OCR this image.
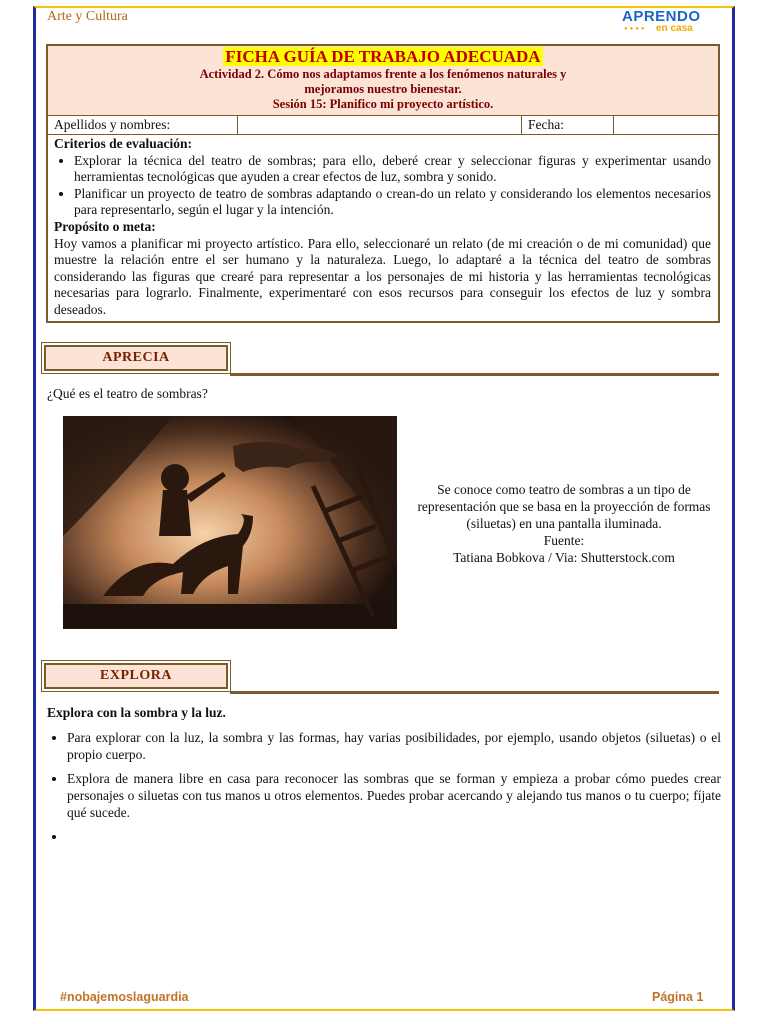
Arte y Cultura	APRENDO
●●●● en casa
FICHA GUÍA DE TRABAJO ADECUADA
Actividad 2. Cómo nos adaptamos frente a los fenómenos naturales y
mejoramos nuestro bienestar.
Sesión 15: Planifico mi proyecto artístico.
Apellidos y nombres:	Fecha:
Criterios de evaluación:
• Explorar la técnica del teatro de sombras; para ello, deberé crear y seleccionar figuras y experimentar usando herramientas tecnológicas que ayuden a crear efectos de luz, sombra y sonido.
• Planificar un proyecto de teatro de sombras adaptando o crean-do un relato y considerando los elementos necesarios para representarlo, según el lugar y la intención.
Propósito o meta:

Hoy vamos a planificar mi proyecto artístico. Para ello, seleccionaré un relato (de mi creación o de mi comunidad) que muestre la relación entre el ser humano y la naturaleza. Luego, lo adaptaré a la técnica del teatro de sombras considerando las figuras que crearé para representar a los personajes de mi historia y las herramientas tecnológicas necesarias para lograrlo. Finalmente, experimentaré con esos recursos para conseguir los efectos de luz y sombra deseados.

APRECIA
¿Qué es el teatro de sombras?
Se conoce como teatro de sombras a un tipo de representación que se basa en la proyección de formas (siluetas) en una pantalla iluminada.
Fuente:
Tatiana Bobkova / Via: Shutterstock.com
EXPLORA
Explora con la sombra y la luz.
• Para explorar con la luz, la sombra y las formas, hay varias posibilidades, por ejemplo, usando objetos (siluetas) o el propio cuerpo.
• Explora de manera libre en casa para reconocer las sombras que se forman y empieza a probar cómo puedes crear personajes o siluetas con tus manos u otros elementos. Puedes probar acercando y alejando tus manos o tu cuerpo; fíjate qué sucede.
•
#nobajemoslaguardia	Página 1
